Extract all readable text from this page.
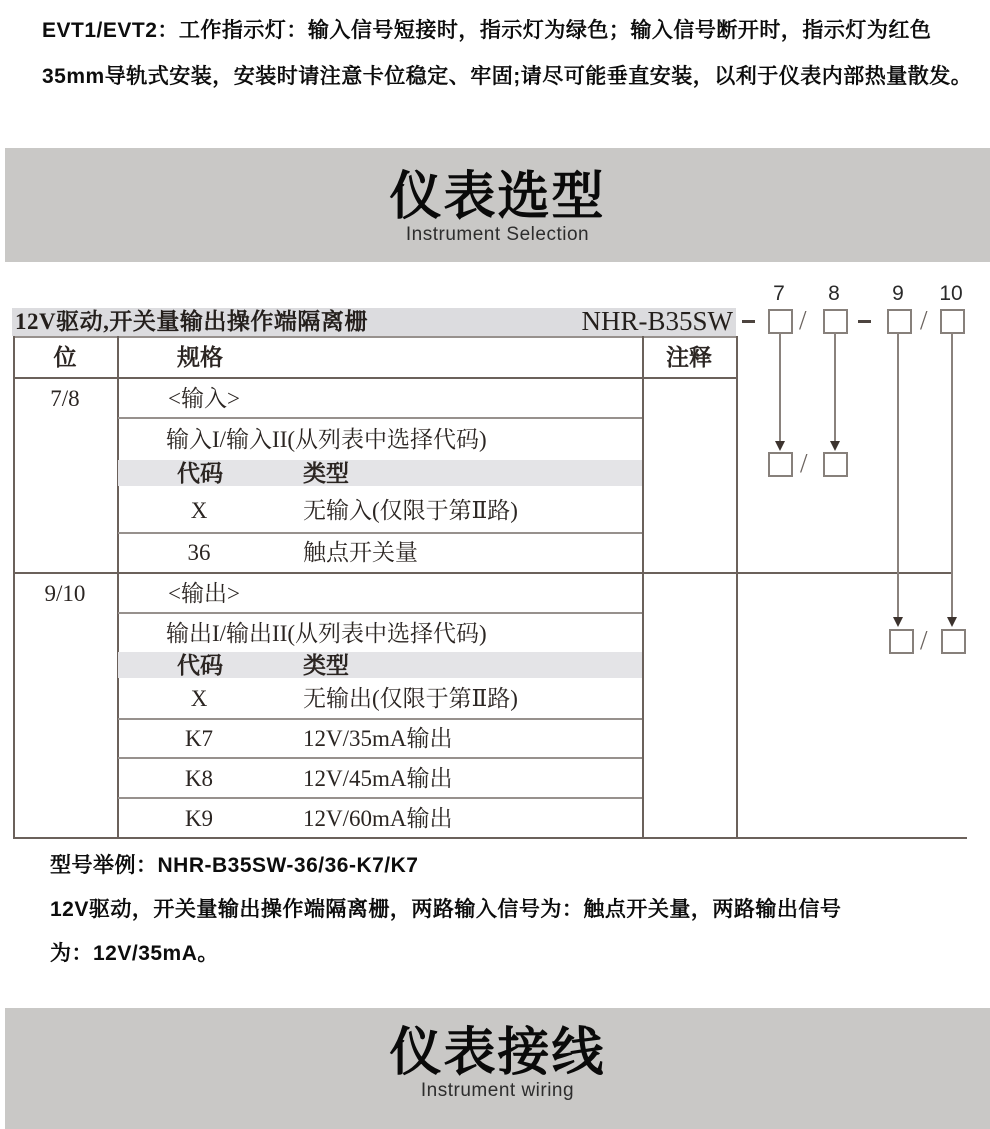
EVT1/EVT2：工作指示灯：输入信号短接时，指示灯为绿色；输入信号断开时，指示灯为红色
35mm导轨式安装，安装时请注意卡位稳定、牢固;请尽可能垂直安装，以利于仪表内部热量散发。
仪表选型
Instrument Selection
12V驱动,开关量输出操作端隔离栅	NHR-B35SW
位	规格	注释
7/8	<输入>
输入I/输入II(从列表中选择代码)
代码	类型
X	无输入(仅限于第Ⅱ路)
36	触点开关量
9/10	<输出>
输出I/输出II(从列表中选择代码)
代码	类型
X	无输出(仅限于第Ⅱ路)
K7	12V/35mA输出
K8	12V/45mA输出
K9	12V/60mA输出
7 8 9 10
/	/
/
/
型号举例：NHR-B35SW-36/36-K7/K7
12V驱动，开关量输出操作端隔离栅，两路输入信号为：触点开关量，两路输出信号
为：12V/35mA。
仪表接线
Instrument wiring
